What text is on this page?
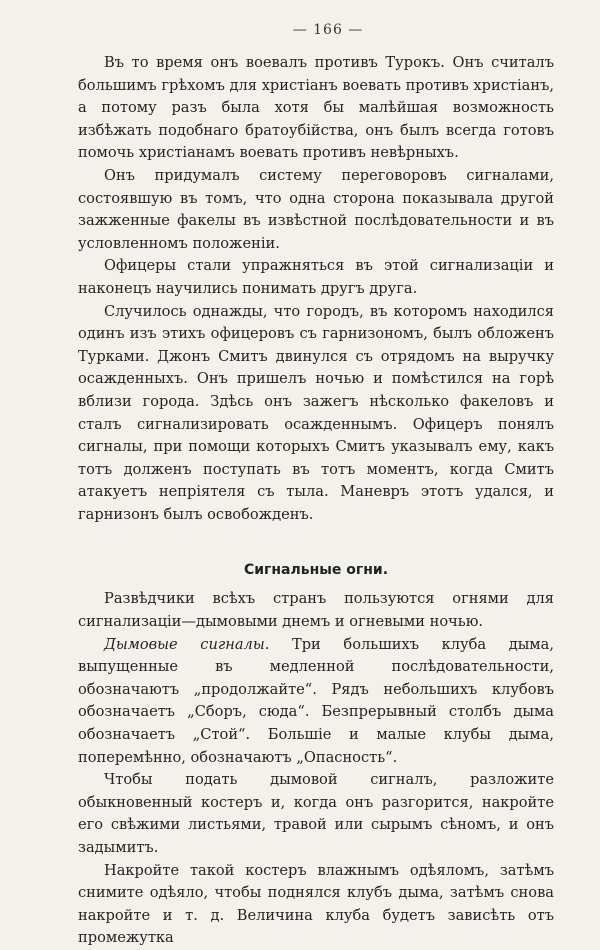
— 166 —

Въ то время онъ воевалъ противъ Турокъ. Онъ считалъ большимъ грѣхомъ для христіанъ воевать противъ христіанъ, а потому разъ была хотя бы малѣйшая возможность избѣжать подобнаго братоубійства, онъ былъ всегда готовъ помочь христіанамъ воевать противъ невѣрныхъ.

Онъ придумалъ систему переговоровъ сигналами, состоявшую въ томъ, что одна сторона показывала другой зажженные факелы въ извѣстной послѣдовательности и въ условленномъ положеніи.

Офицеры стали упражняться въ этой сигнализаціи и наконецъ научились понимать другъ друга.

Случилось однажды, что городъ, въ которомъ находился одинъ изъ этихъ офицеровъ съ гарнизономъ, былъ обложенъ Турками. Джонъ Смитъ двинулся съ отрядомъ на выручку осажденныхъ. Онъ пришелъ ночью и помѣстился на горѣ вблизи города. Здѣсь онъ зажегъ нѣсколько факеловъ и сталъ сигнализировать осажденнымъ. Офицеръ понялъ сигналы, при помощи которыхъ Смитъ указывалъ ему, какъ тотъ долженъ поступать въ тотъ моментъ, когда Смитъ атакуетъ непріятеля съ тыла. Маневръ этотъ удался, и гарнизонъ былъ освобожденъ.

Сигнальные огни.

Развѣдчики всѣхъ странъ пользуются огнями для сигнализаціи—дымовыми днемъ и огневыми ночью.

Дымовые сигналы. Три большихъ клуба дыма, выпущенные въ медленной послѣдовательности, обозначаютъ „продолжайте“. Рядъ небольшихъ клубовъ обозначаетъ „Сборъ, сюда“. Безпрерывный столбъ дыма обозначаетъ „Стой“. Большіе и малые клубы дыма, поперемѣнно, обозначаютъ „Опасность“.

Чтобы подать дымовой сигналъ, разложите обыкновенный костеръ и, когда онъ разгорится, накройте его свѣжими листьями, травой или сырымъ сѣномъ, и онъ задымитъ.

Накройте такой костеръ влажнымъ одѣяломъ, затѣмъ снимите одѣяло, чтобы поднялся клубъ дыма, затѣмъ снова накройте и т. д. Величина клуба будетъ зависѣть отъ промежутка
